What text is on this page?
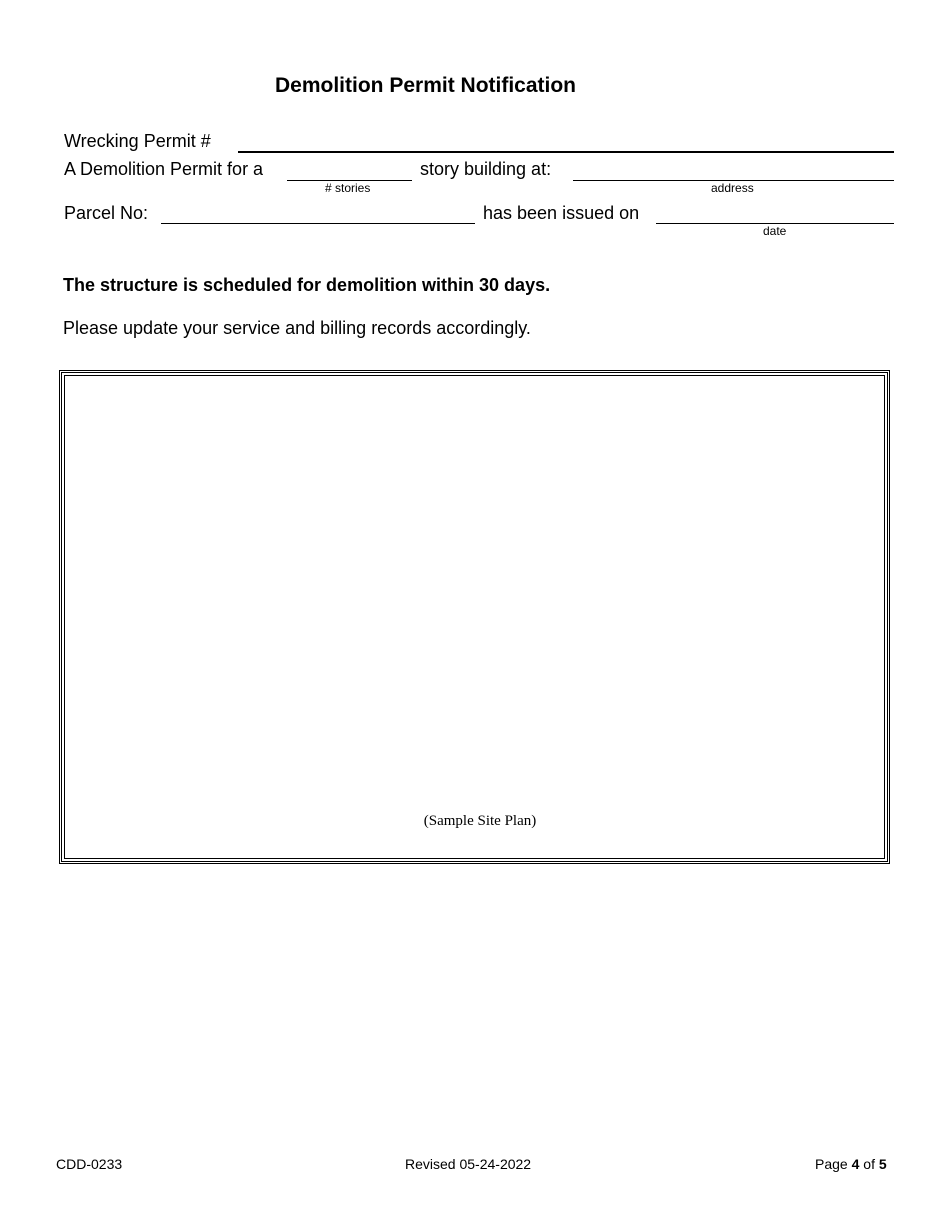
Demolition Permit Notification
Wrecking Permit #
A Demolition Permit for a
# stories
story building at:
address
Parcel No:	has been issued on
date
The structure is scheduled for demolition within 30 days.
Please update your service and billing records accordingly.
(Sample Site Plan)
CDD-0233	Revised 05-24-2022	Page 4 of 5
